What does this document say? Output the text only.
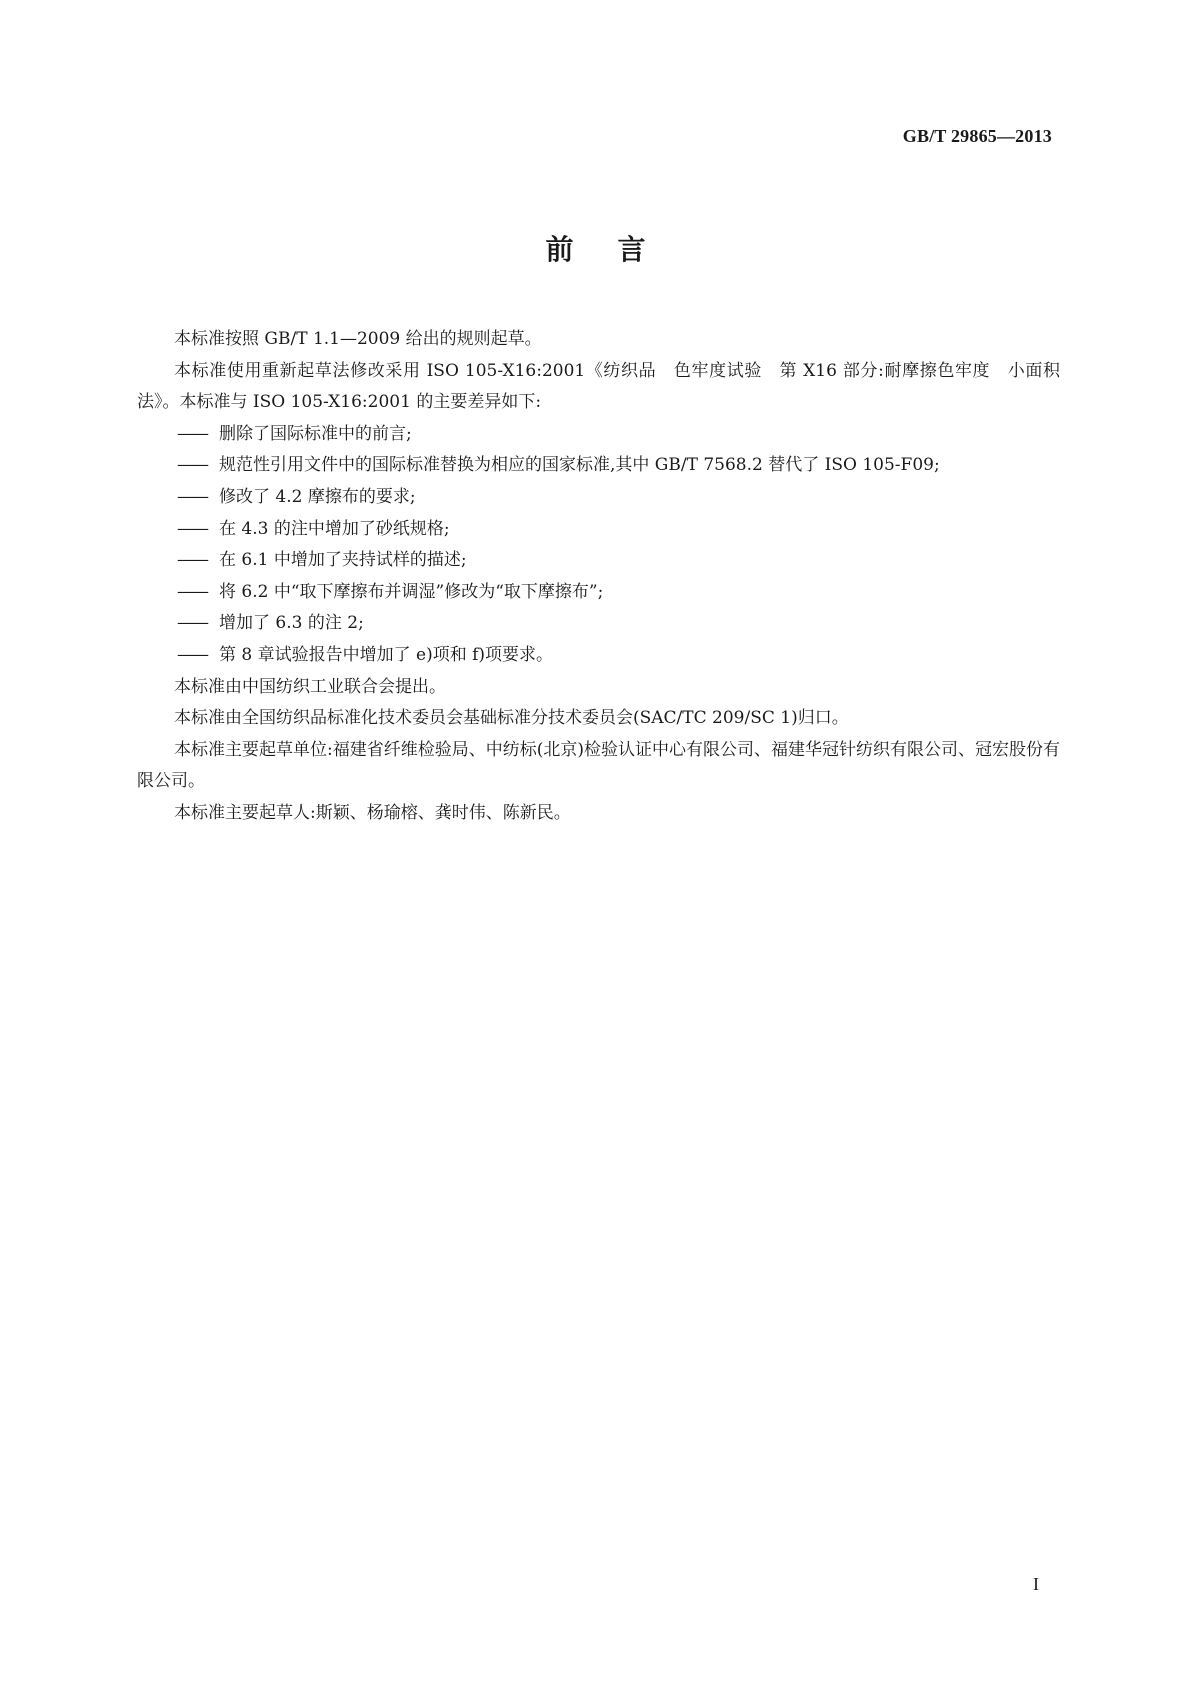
GB/T 29865—2013
前言

本标准按照 GB/T 1.1—2009 给出的规则起草。

本标准使用重新起草法修改采用 ISO 105-X16:2001《纺织品　色牢度试验　第 X16 部分:耐摩擦色牢度　小面积法》。本标准与 ISO 105-X16:2001 的主要差异如下:

—— 删除了国际标准中的前言;

—— 规范性引用文件中的国际标准替换为相应的国家标准,其中 GB/T 7568.2 替代了 ISO 105-F09;

—— 修改了 4.2 摩擦布的要求;

—— 在 4.3 的注中增加了砂纸规格;

—— 在 6.1 中增加了夹持试样的描述;

—— 将 6.2 中“取下摩擦布并调湿”修改为“取下摩擦布”;

—— 增加了 6.3 的注 2;

—— 第 8 章试验报告中增加了 e)项和 f)项要求。

本标准由中国纺织工业联合会提出。

本标准由全国纺织品标准化技术委员会基础标准分技术委员会(SAC/TC 209/SC 1)归口。

本标准主要起草单位:福建省纤维检验局、中纺标(北京)检验认证中心有限公司、福建华冠针纺织有限公司、冠宏股份有限公司。

本标准主要起草人:斯颖、杨瑜榕、龚时伟、陈新民。

I
